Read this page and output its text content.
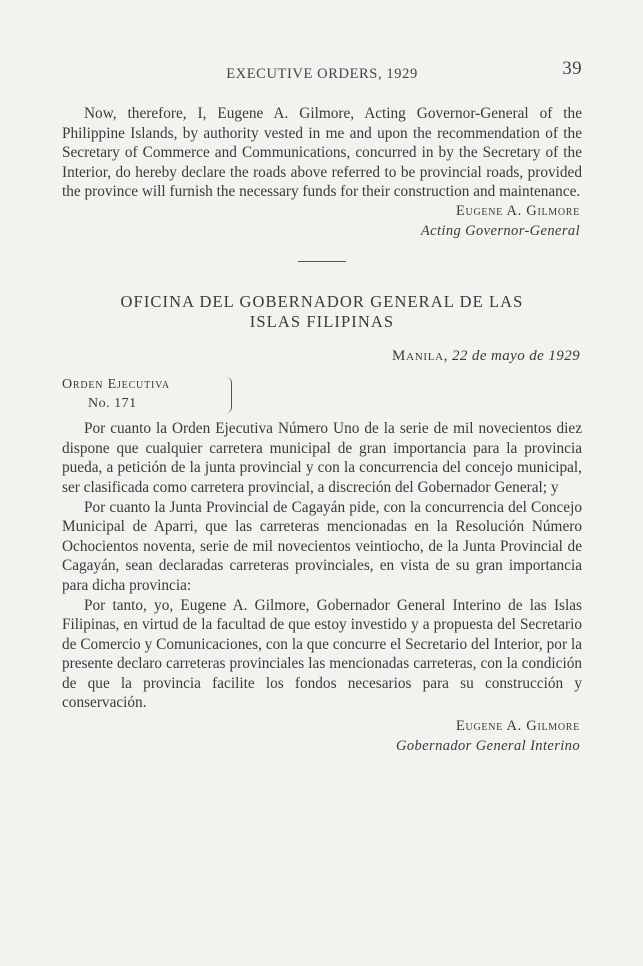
EXECUTIVE ORDERS, 1929	39

Now, therefore, I, Eugene A. Gilmore, Acting Governor-General of the Philippine Islands, by authority vested in me and upon the recommendation of the Secretary of Commerce and Communications, concurred in by the Secretary of the Interior, do hereby declare the roads above referred to be provincial roads, provided the province will furnish the necessary funds for their construction and maintenance.

Eugene A. Gilmore
Acting Governor-General
OFICINA DEL GOBERNADOR GENERAL DE LAS
ISLAS FILIPINAS
Manila, 22 de mayo de 1929
Orden Ejecutiva
No. 171

Por cuanto la Orden Ejecutiva Número Uno de la serie de mil novecientos diez dispone que cualquier carretera municipal de gran importancia para la provincia pueda, a petición de la junta provincial y con la concurrencia del concejo municipal, ser clasificada como carretera provincial, a discreción del Gobernador General; y

Por cuanto la Junta Provincial de Cagayán pide, con la concurrencia del Concejo Municipal de Aparri, que las carreteras mencionadas en la Resolución Número Ochocientos noventa, serie de mil novecientos veintiocho, de la Junta Provincial de Cagayán, sean declaradas carreteras provinciales, en vista de su gran importancia para dicha provincia:

Por tanto, yo, Eugene A. Gilmore, Gobernador General Interino de las Islas Filipinas, en virtud de la facultad de que estoy investido y a propuesta del Secretario de Comercio y Comunicaciones, con la que concurre el Secretario del Interior, por la presente declaro carreteras provinciales las mencionadas carreteras, con la condición de que la provincia facilite los fondos necesarios para su construcción y conservación.

Eugene A. Gilmore
Gobernador General Interino
